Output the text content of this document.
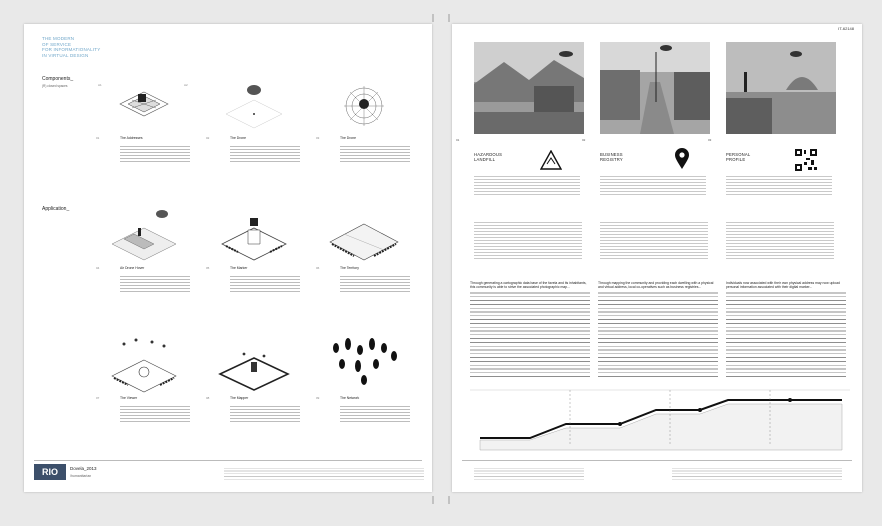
THE MODERN
OF SERVICE
FOR INFORMATIONALITY
IN VIRTUAL DESIGN
Components_
(R) closed spaces
Application_
A1	A2
01	The Addresses	02	The Drone	03	The Drone
04	Air Drone Hover	05	The Marker	06	The Territory
07	The Viewer	08	The Mapper	09	The Network
RIO	Dovela_2013
/humanitarian
IT-62148
01
HAZARDOUS
LANDFILL
02
BUSINESS
REGISTRY
03
PERSONAL
PROFILE
Through generating a cartographic data base of the favela and its inhabitants, this community is able to strive the associated photographic map...
Through mapping the community and providing each dwelling with a physical and virtual address, local co-operatives such as business registries...
Individuals now associated with their own physical address may now upload personal information associated with their digital marker...
